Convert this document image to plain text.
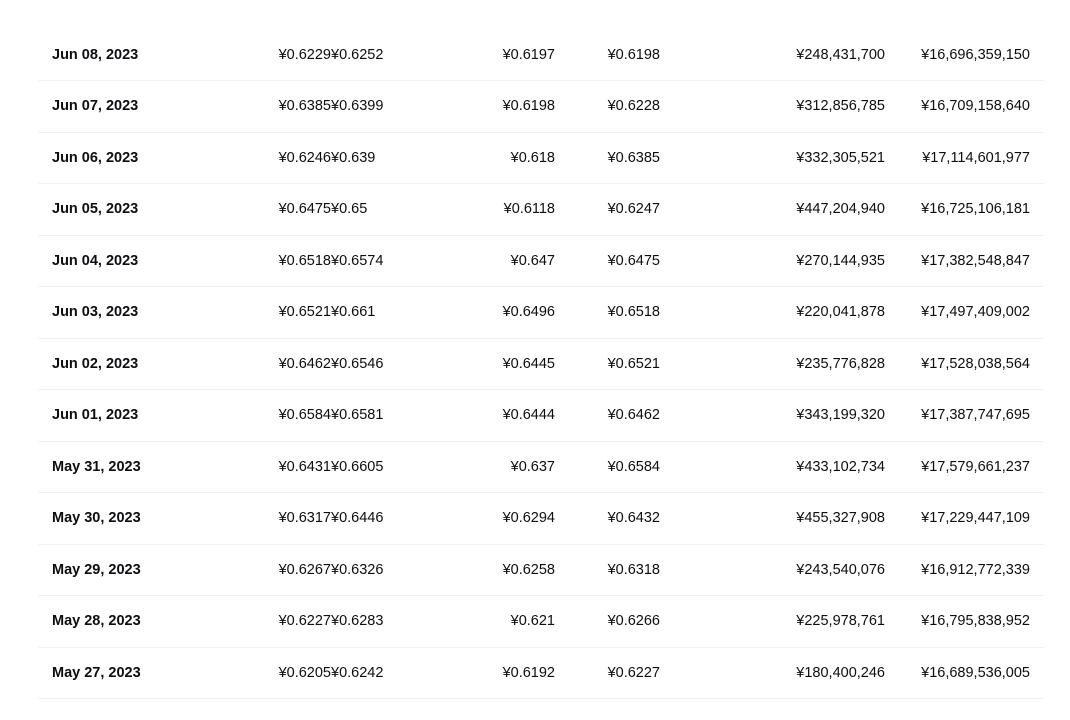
Jun 08, 2023	¥0.6229	¥0.6252	¥0.6197	¥0.6198	¥248,431,700	¥16,696,359,150
Jun 07, 2023	¥0.6385	¥0.6399	¥0.6198	¥0.6228	¥312,856,785	¥16,709,158,640
Jun 06, 2023	¥0.6246	¥0.639	¥0.618	¥0.6385	¥332,305,521	¥17,114,601,977
Jun 05, 2023	¥0.6475	¥0.65	¥0.6118	¥0.6247	¥447,204,940	¥16,725,106,181
Jun 04, 2023	¥0.6518	¥0.6574	¥0.647	¥0.6475	¥270,144,935	¥17,382,548,847
Jun 03, 2023	¥0.6521	¥0.661	¥0.6496	¥0.6518	¥220,041,878	¥17,497,409,002
Jun 02, 2023	¥0.6462	¥0.6546	¥0.6445	¥0.6521	¥235,776,828	¥17,528,038,564
Jun 01, 2023	¥0.6584	¥0.6581	¥0.6444	¥0.6462	¥343,199,320	¥17,387,747,695
May 31, 2023	¥0.6431	¥0.6605	¥0.637	¥0.6584	¥433,102,734	¥17,579,661,237
May 30, 2023	¥0.6317	¥0.6446	¥0.6294	¥0.6432	¥455,327,908	¥17,229,447,109
May 29, 2023	¥0.6267	¥0.6326	¥0.6258	¥0.6318	¥243,540,076	¥16,912,772,339
May 28, 2023	¥0.6227	¥0.6283	¥0.621	¥0.6266	¥225,978,761	¥16,795,838,952
May 27, 2023	¥0.6205	¥0.6242	¥0.6192	¥0.6227	¥180,400,246	¥16,689,536,005
